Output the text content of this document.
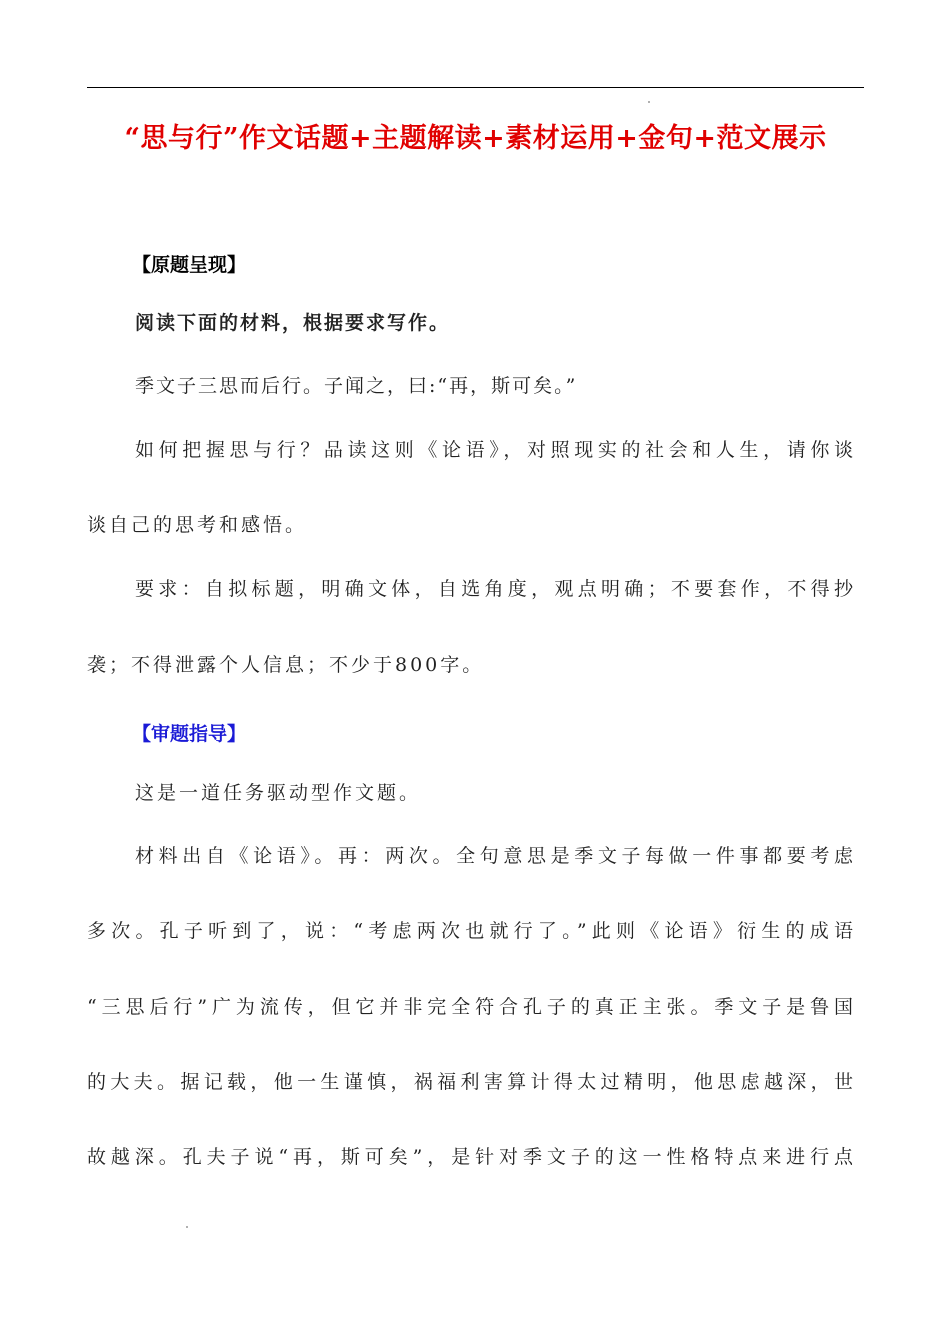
“思与行”作文话题+主题解读+素材运用+金句+范文展示
【原题呈现】
阅读下面的材料，根据要求写作。
季文子三思而后行。子闻之，曰:“再，斯可矣。”
如何把握思与行？品读这则《论语》，对照现实的社会和人生，请你谈
谈自己的思考和感悟。
要求：自拟标题，明确文体，自选角度，观点明确；不要套作，不得抄
袭；不得泄露个人信息；不少于800字。
【审题指导】
这是一道任务驱动型作文题。
材料出自《论语》。再：两次。全句意思是季文子每做一件事都要考虑
多次。孔子听到了，说：“考虑两次也就行了。”此则《论语》衍生的成语
“三思后行”广为流传，但它并非完全符合孔子的真正主张。季文子是鲁国
的大夫。据记载，他一生谨慎，祸福利害算计得太过精明，他思虑越深，世
故越深。孔夫子说“再，斯可矣”，是针对季文子的这一性格特点来进行点
